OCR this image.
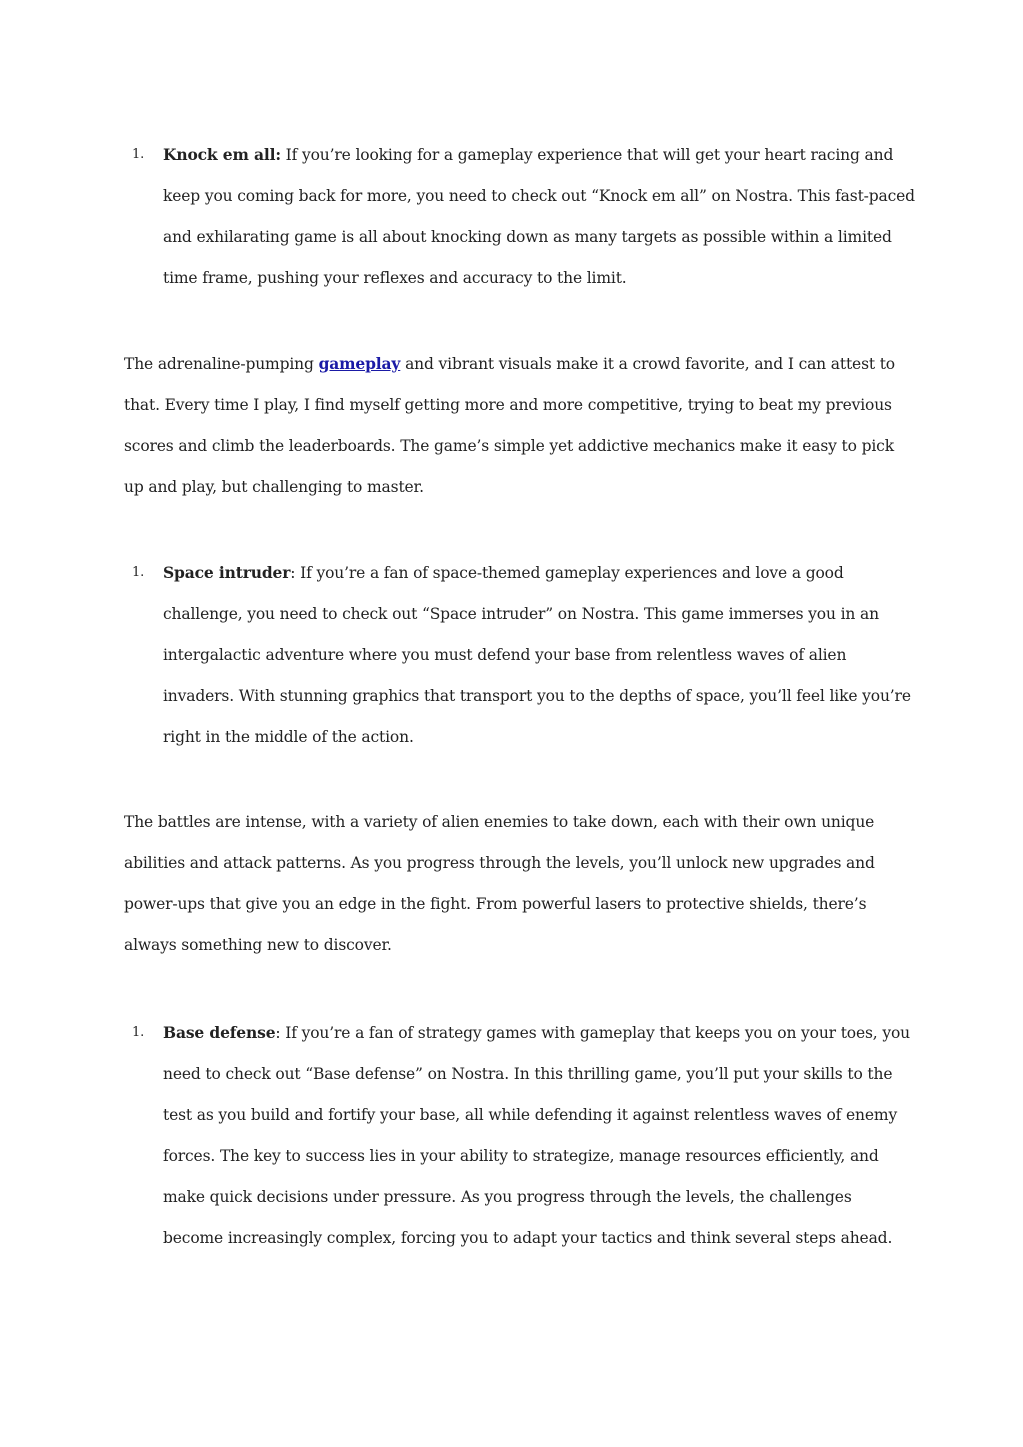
1. Knock em all: If you’re looking for a gameplay experience that will get your heart racing and keep you coming back for more, you need to check out “Knock em all” on Nostra. This fast-paced and exhilarating game is all about knocking down as many targets as possible within a limited time frame, pushing your reflexes and accuracy to the limit.

The adrenaline-pumping gameplay and vibrant visuals make it a crowd favorite, and I can attest to that. Every time I play, I find myself getting more and more competitive, trying to beat my previous scores and climb the leaderboards. The game’s simple yet addictive mechanics make it easy to pick up and play, but challenging to master.

1. Space intruder: If you’re a fan of space-themed gameplay experiences and love a good challenge, you need to check out “Space intruder” on Nostra. This game immerses you in an intergalactic adventure where you must defend your base from relentless waves of alien invaders. With stunning graphics that transport you to the depths of space, you’ll feel like you’re right in the middle of the action.

The battles are intense, with a variety of alien enemies to take down, each with their own unique abilities and attack patterns. As you progress through the levels, you’ll unlock new upgrades and power-ups that give you an edge in the fight. From powerful lasers to protective shields, there’s always something new to discover.

1. Base defense: If you’re a fan of strategy games with gameplay that keeps you on your toes, you need to check out “Base defense” on Nostra. In this thrilling game, you’ll put your skills to the test as you build and fortify your base, all while defending it against relentless waves of enemy forces. The key to success lies in your ability to strategize, manage resources efficiently, and make quick decisions under pressure. As you progress through the levels, the challenges become increasingly complex, forcing you to adapt your tactics and think several steps ahead.
